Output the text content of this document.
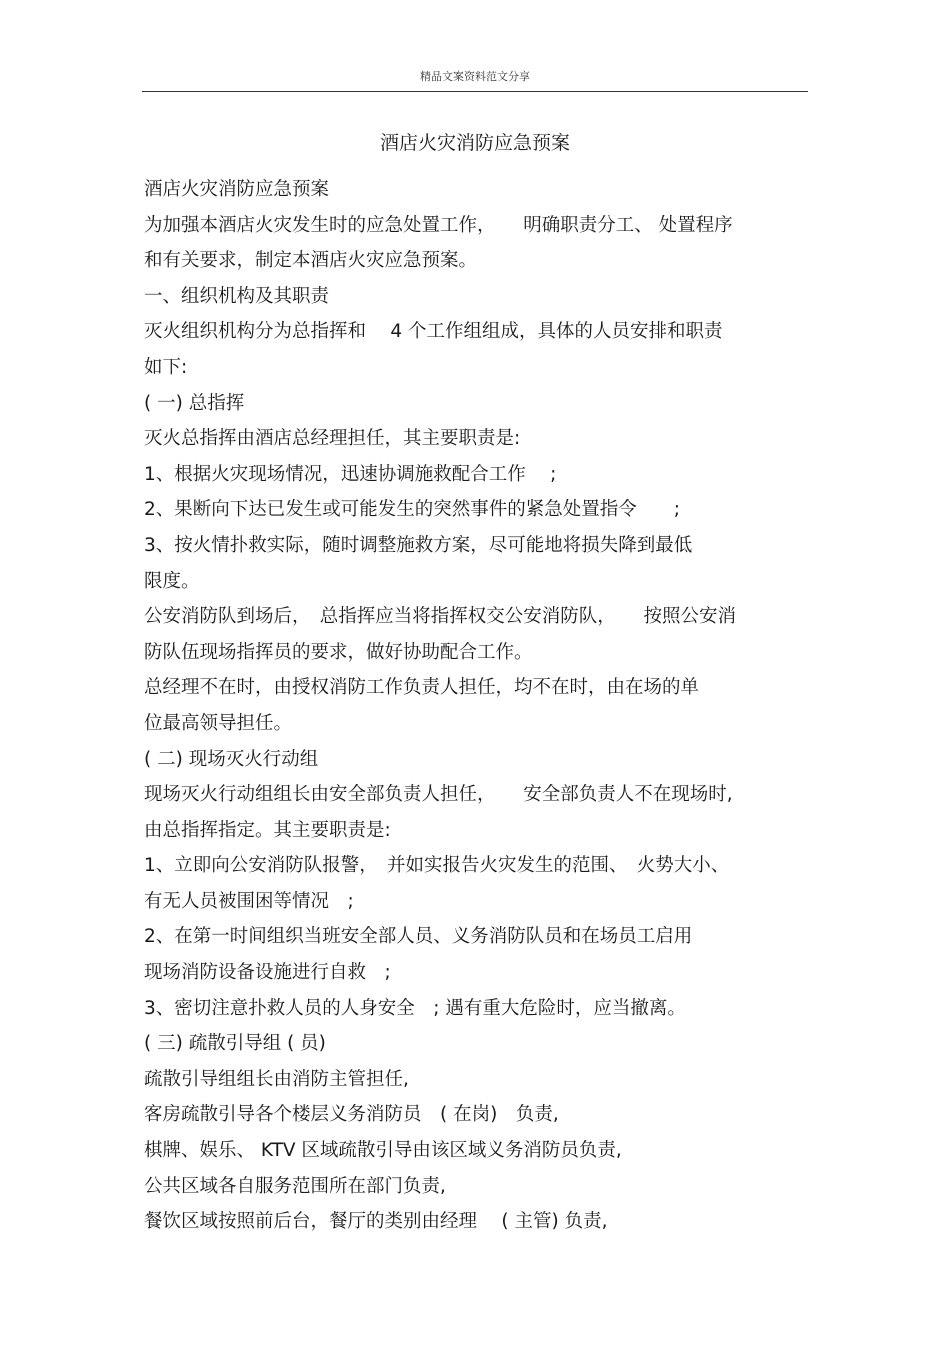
精品文案资料范文分享
酒店火灾消防应急预案
酒店火灾消防应急预案
为加强本酒店火灾发生时的应急处置工作，　　明确职责分工、 处置程序
和有关要求，制定本酒店火灾应急预案。
一、组织机构及其职责
灭火组织机构分为总指挥和　 4 个工作组组成，具体的人员安排和职责
如下:
( 一) 总指挥
灭火总指挥由酒店总经理担任，其主要职责是:
1、根据火灾现场情况，迅速协调施救配合工作　 ;
2、果断向下达已发生或可能发生的突然事件的紧急处置指令　　;
3、按火情扑救实际，随时调整施救方案，尽可能地将损失降到最低
限度。
公安消防队到场后，　总指挥应当将指挥权交公安消防队，　　按照公安消
防队伍现场指挥员的要求，做好协助配合工作。
总经理不在时，由授权消防工作负责人担任，均不在时，由在场的单
位最高领导担任。
( 二) 现场灭火行动组
现场灭火行动组组长由安全部负责人担任，　　安全部负责人不在现场时,
由总指挥指定。其主要职责是:
1、立即向公安消防队报警，　并如实报告火灾发生的范围、　火势大小、
有无人员被围困等情况　;
2、在第一时间组织当班安全部人员、义务消防队员和在场员工启用
现场消防设备设施进行自救　;
3、密切注意扑救人员的人身安全　; 遇有重大危险时，应当撤离。
( 三) 疏散引导组 ( 员)
疏散引导组组长由消防主管担任,
客房疏散引导各个楼层义务消防员　( 在岗)　负责,
棋牌、娱乐、 KTV 区域疏散引导由该区域义务消防员负责,
公共区域各自服务范围所在部门负责,
餐饮区域按照前后台，餐厅的类别由经理　 ( 主管) 负责,
